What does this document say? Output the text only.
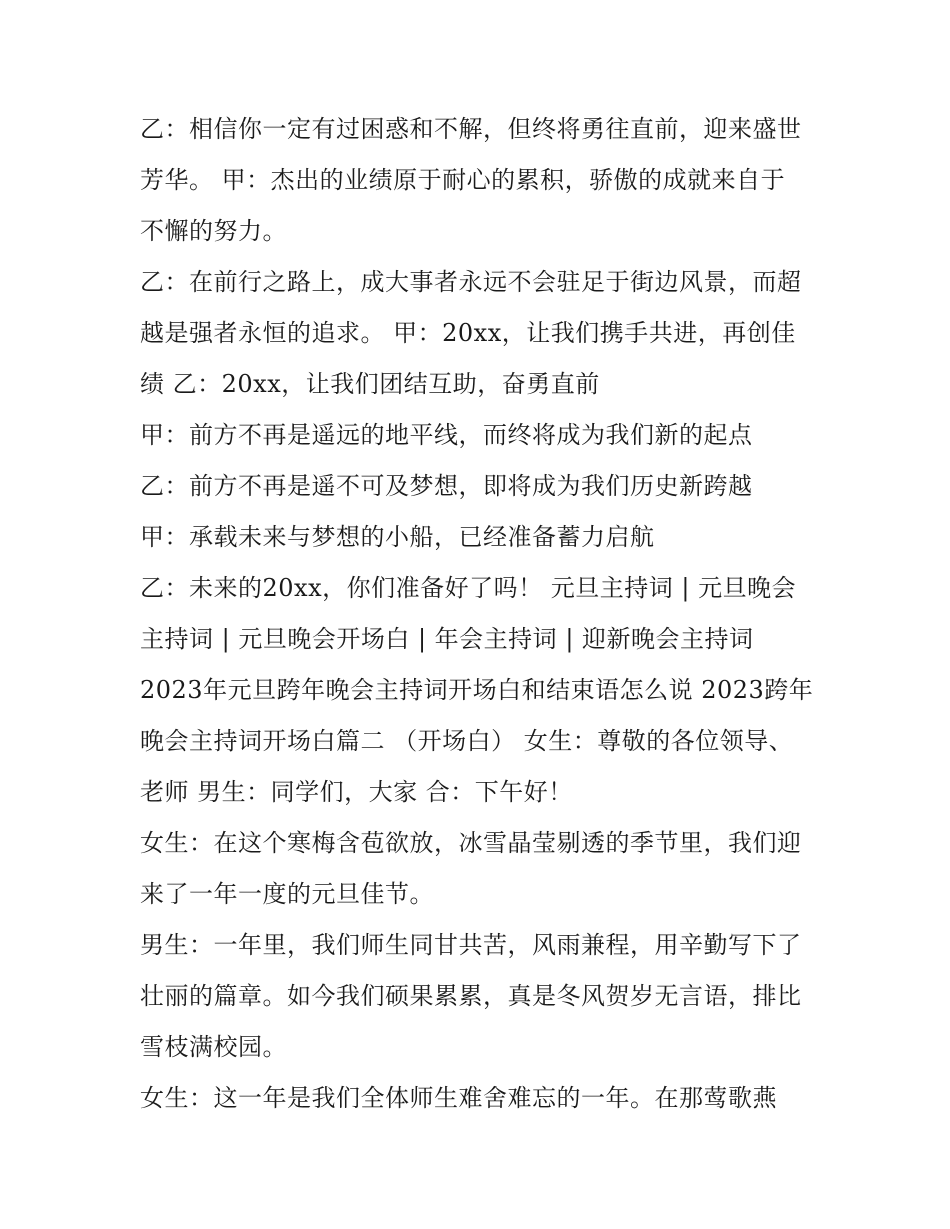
乙：相信你一定有过困惑和不解，但终将勇往直前，迎来盛世
芳华。 甲：杰出的业绩原于耐心的累积，骄傲的成就来自于
不懈的努力。
乙：在前行之路上，成大事者永远不会驻足于街边风景，而超
越是强者永恒的追求。 甲：20xx，让我们携手共进，再创佳
绩 乙：20xx，让我们团结互助，奋勇直前
甲：前方不再是遥远的地平线，而终将成为我们新的起点
乙：前方不再是遥不可及梦想，即将成为我们历史新跨越
甲：承载未来与梦想的小船，已经准备蓄力启航
乙：未来的20xx，你们准备好了吗！ 元旦主持词 | 元旦晚会
主持词 | 元旦晚会开场白 | 年会主持词 | 迎新晚会主持词
2023年元旦跨年晚会主持词开场白和结束语怎么说 2023跨年
晚会主持词开场白篇二 （开场白） 女生：尊敬的各位领导、
老师 男生：同学们，大家 合：下午好！
女生：在这个寒梅含苞欲放，冰雪晶莹剔透的季节里，我们迎
来了一年一度的元旦佳节。
男生：一年里，我们师生同甘共苦，风雨兼程，用辛勤写下了
壮丽的篇章。如今我们硕果累累，真是冬风贺岁无言语，排比
雪枝满校园。
女生：这一年是我们全体师生难舍难忘的一年。在那莺歌燕
